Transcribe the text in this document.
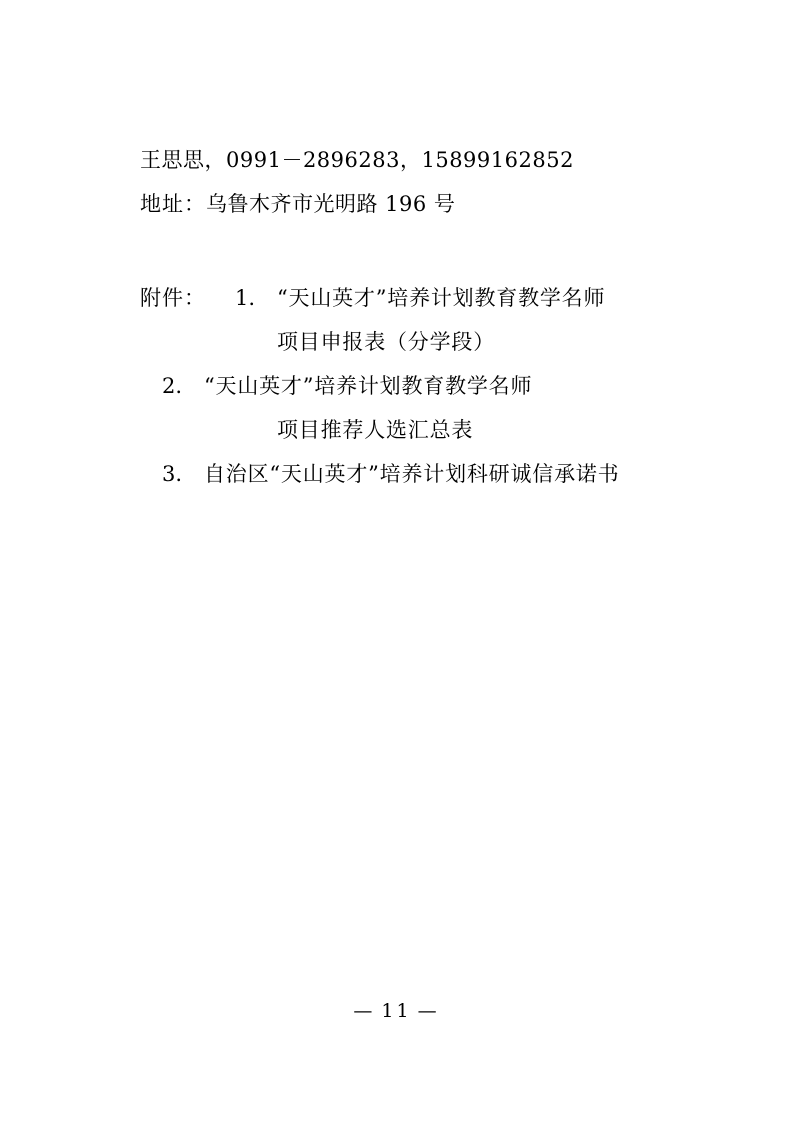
王思思，0991－2896283，15899162852
地址：乌鲁木齐市光明路 196 号
附件：	1.	“天山英才”培养计划教育教学名师
项目申报表（分学段）
2.	“天山英才”培养计划教育教学名师
项目推荐人选汇总表
3.	自治区“天山英才”培养计划科研诚信承诺书
— 11 —
